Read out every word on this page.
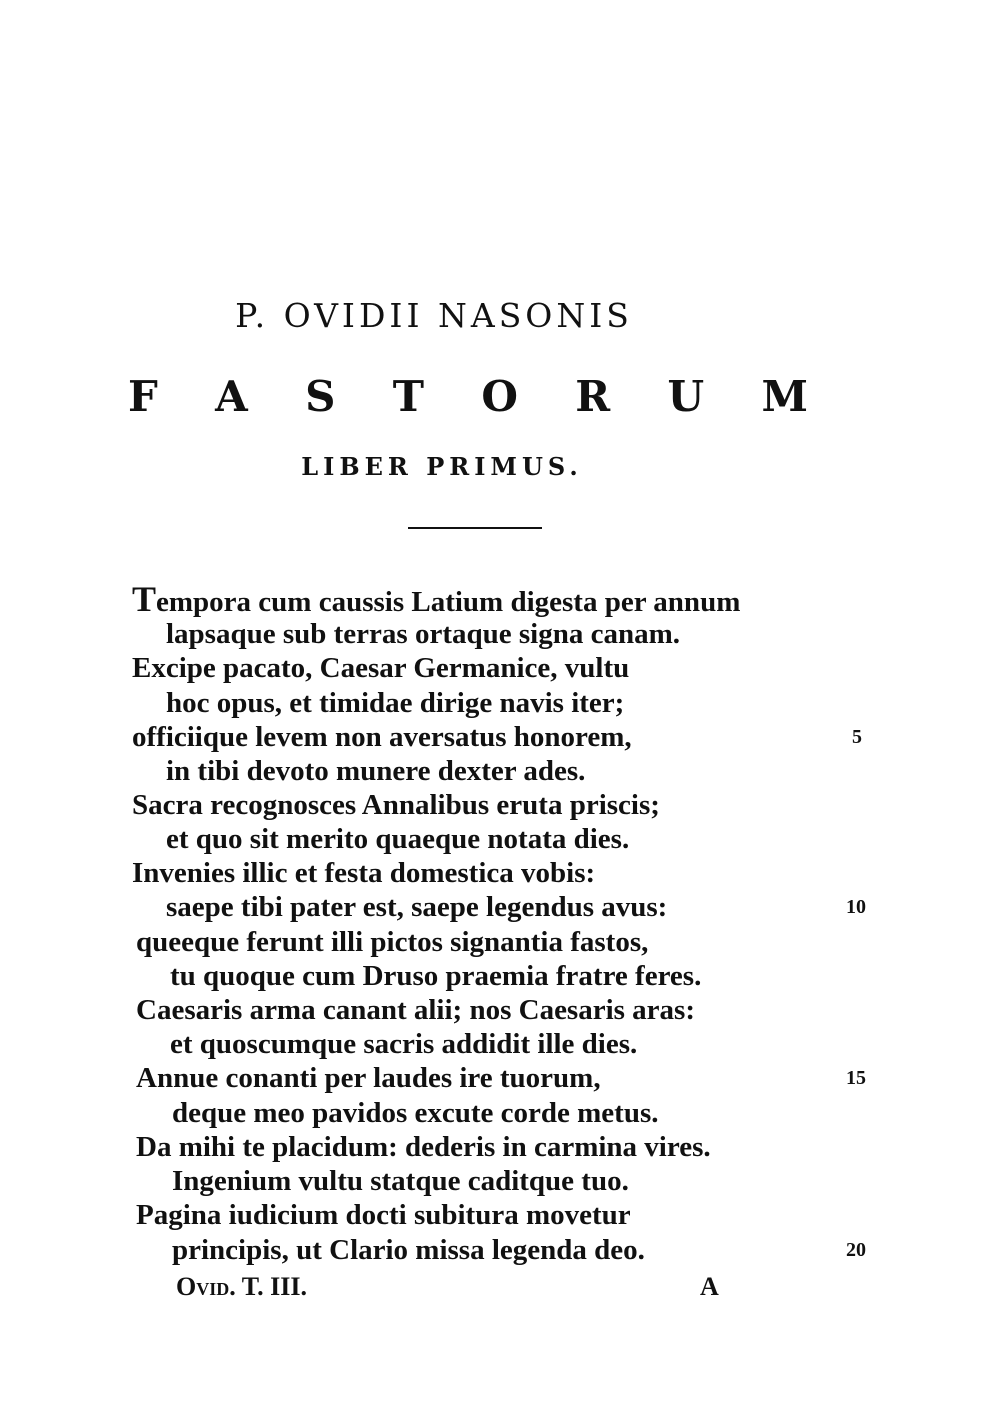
P. OVIDII NASONIS
F A S T O R U M
LIBER PRIMUS.
Tempora cum caussis Latium digesta per annum
lapsaque sub terras ortaque signa canam.
Excipe pacato, Caesar Germanice, vultu
hoc opus, et timidae dirige navis iter;
officiique levem non aversatus honorem,
in tibi devoto munere dexter ades.
Sacra recognosces Annalibus eruta priscis;
et quo sit merito quaeque notata dies.
Invenies illic et festa domestica vobis:
saepe tibi pater est, saepe legendus avus:
queeque ferunt illi pictos signantia fastos,
tu quoque cum Druso praemia fratre feres.
Caesaris arma canant alii; nos Caesaris aras:
et quoscumque sacris addidit ille dies.
Annue conanti per laudes ire tuorum,
deque meo pavidos excute corde metus.
Da mihi te placidum: dederis in carmina vires.
Ingenium vultu statque caditque tuo.
Pagina iudicium docti subitura movetur
principis, ut Clario missa legenda deo.
5
10
15
20
Ovid. T. III.	A
